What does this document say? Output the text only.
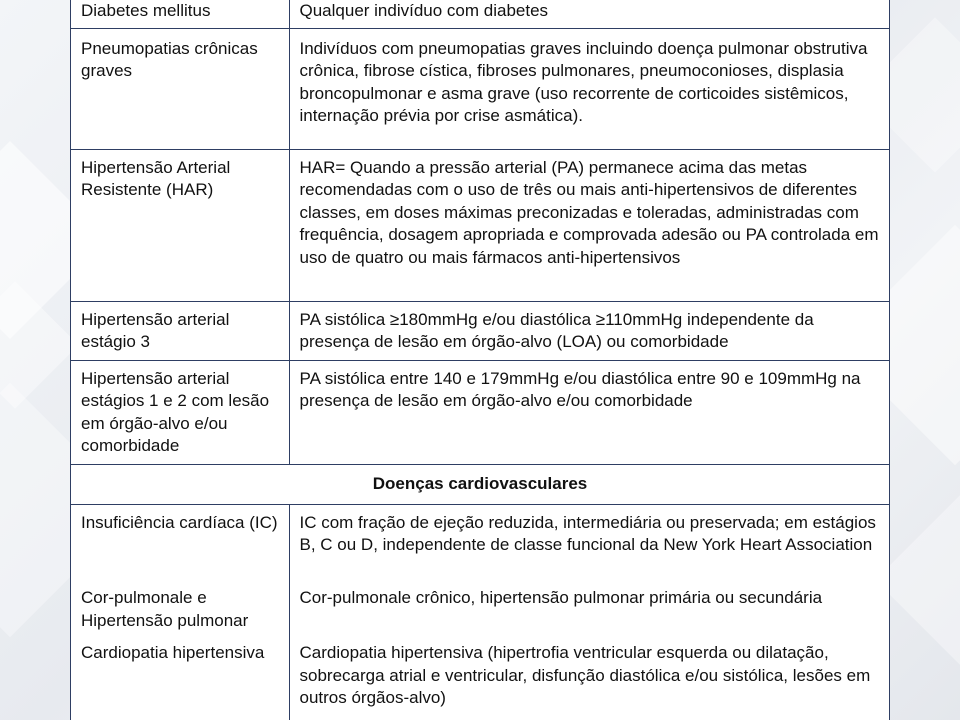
Diabetes mellitus	Qualquer indivíduo com diabetes
Pneumopatias crônicas graves	Indivíduos com pneumopatias graves incluindo doença pulmonar obstrutiva crônica, fibrose cística, fibroses pulmonares, pneumoconioses, displasia broncopulmonar e asma grave (uso recorrente de corticoides sistêmicos, internação prévia por crise asmática).
Hipertensão Arterial Resistente (HAR)	HAR= Quando a pressão arterial (PA) permanece acima das metas recomendadas com o uso de três ou mais anti-hipertensivos de diferentes classes, em doses máximas preconizadas e toleradas, administradas com frequência, dosagem apropriada e comprovada adesão ou PA controlada em uso de quatro ou mais fármacos anti-hipertensivos
Hipertensão arterial estágio 3	PA sistólica ≥180mmHg e/ou diastólica ≥110mmHg independente da presença de lesão em órgão-alvo (LOA) ou comorbidade
Hipertensão arterial estágios 1 e 2 com lesão em órgão-alvo e/ou comorbidade	PA sistólica entre 140 e 179mmHg e/ou diastólica entre 90 e 109mmHg na presença de lesão em órgão-alvo e/ou comorbidade
Doenças cardiovasculares	
Insuficiência cardíaca (IC)	IC com fração de ejeção reduzida, intermediária ou preservada; em estágios B, C ou D, independente de classe funcional da New York Heart Association
Cor-pulmonale e Hipertensão pulmonar	Cor-pulmonale crônico, hipertensão pulmonar primária ou secundária
Cardiopatia hipertensiva	Cardiopatia hipertensiva (hipertrofia ventricular esquerda ou dilatação, sobrecarga atrial e ventricular, disfunção diastólica e/ou sistólica, lesões em outros órgãos-alvo)
